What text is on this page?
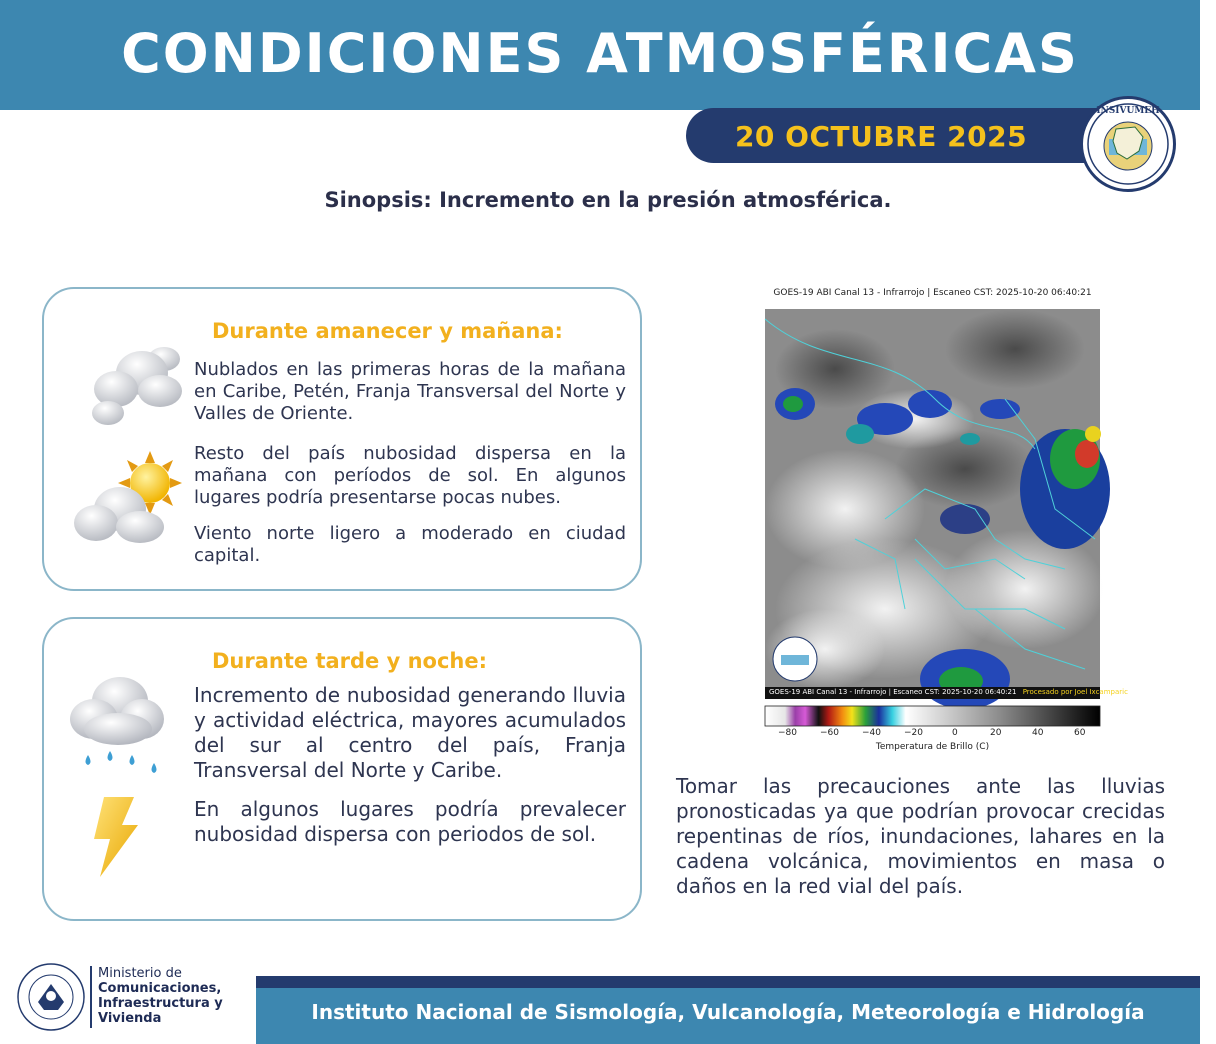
CONDICIONES ATMOSFÉRICAS
20 OCTUBRE 2025
INSIVUMEH
Sinopsis: Incremento en la presión atmosférica.
Durante amanecer y mañana:
Nublados en las primeras horas de la mañana en Caribe, Petén, Franja Transversal del Norte y Valles de Oriente.
Resto del país nubosidad dispersa en la mañana con períodos de sol. En algunos lugares podría presentarse pocas nubes.
Viento norte ligero a moderado en ciudad capital.
Durante tarde y noche:
Incremento de nubosidad generando lluvia y actividad eléctrica, mayores acumulados del sur al centro del país, Franja Transversal del Norte y Caribe.
En algunos lugares podría prevalecer nubosidad dispersa con periodos de sol.
GOES-19 ABI Canal 13 - Infrarrojo | Escaneo CST: 2025-10-20 06:40:21
GOES-19 ABI Canal 13 - Infrarrojo | Escaneo CST: 2025-10-20 06:40:21 Procesado por Joel Ixcamparic
−80	−60	−40	−20	0	20	40	60
Temperatura de Brillo (C)
Tomar las precauciones ante las lluvias pronosticadas ya que podrían provocar crecidas repentinas de ríos, inundaciones, lahares en la cadena volcánica, movimientos en masa o daños en la red vial del país.
Ministerio de
Comunicaciones,
Infraestructura y
Vivienda	Instituto Nacional de Sismología, Vulcanología, Meteorología e Hidrología
